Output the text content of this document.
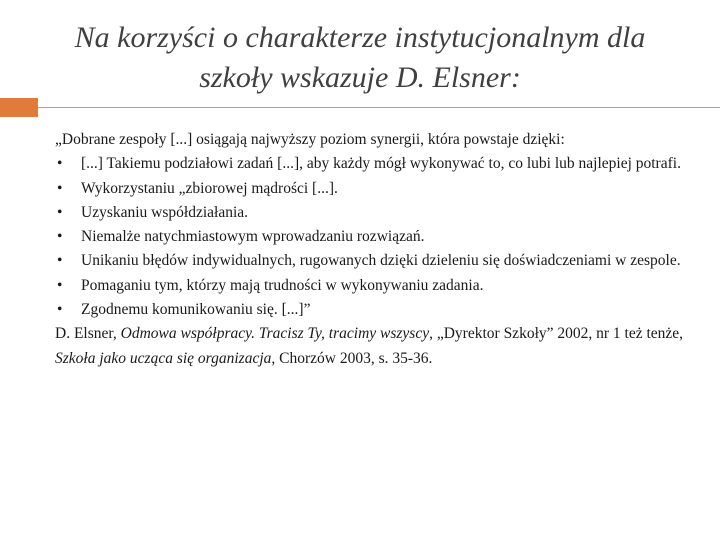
Na korzyści o charakterze instytucjonalnym dla
szkoły wskazuje D. Elsner:

„Dobrane zespoły [...] osiągają najwyższy poziom synergii, która powstaje dzięki:

• [...] Takiemu podziałowi zadań [...], aby każdy mógł wykonywać to, co lubi lub najlepiej potrafi.
• Wykorzystaniu „zbiorowej mądrości [...].
• Uzyskaniu współdziałania.
• Niemalże natychmiastowym wprowadzaniu rozwiązań.
• Unikaniu błędów indywidualnych, rugowanych dzięki dzieleniu się doświadczeniami w zespole.
• Pomaganiu tym, którzy mają trudności w wykonywaniu zadania.
• Zgodnemu komunikowaniu się. [...]”

D. Elsner, Odmowa współpracy. Tracisz Ty, tracimy wszyscy, „Dyrektor Szkoły” 2002, nr 1 też tenże, Szkoła jako ucząca się organizacja, Chorzów 2003, s. 35-36.
